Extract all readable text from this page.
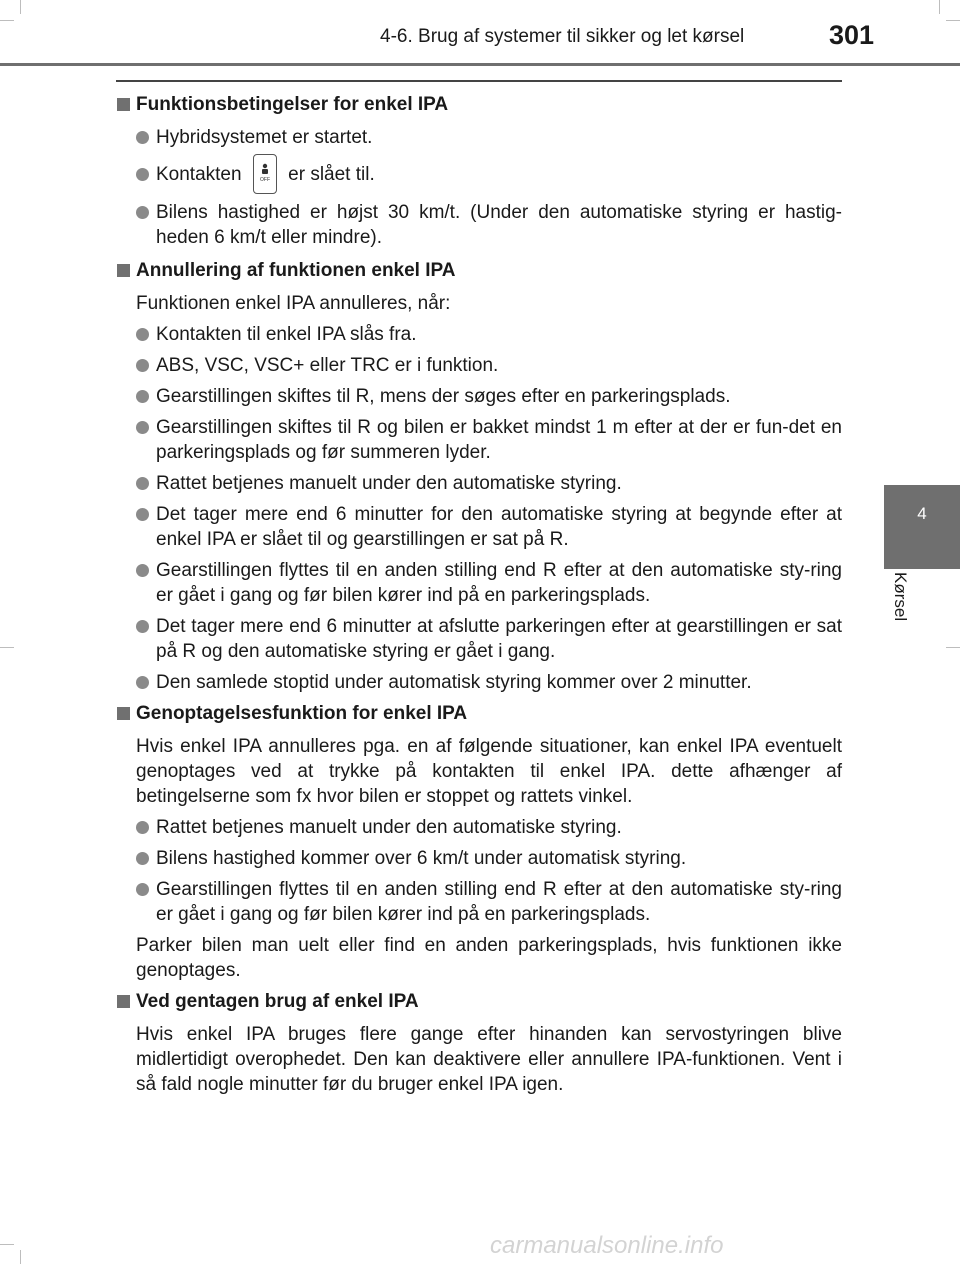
4-6. Brug af systemer til sikker og let kørsel	301
4
Kørsel
Funktionsbetingelser for enkel IPA
Hybridsystemet er startet.
Kontakten	OFF er slået til.
Bilens hastighed er højst 30 km/t. (Under den automatiske styring er hastig-heden 6 km/t eller mindre).
Annullering af funktionen enkel IPA
Funktionen enkel IPA annulleres, når:
Kontakten til enkel IPA slås fra.
ABS, VSC, VSC+ eller TRC er i funktion.
Gearstillingen skiftes til R, mens der søges efter en parkeringsplads.
Gearstillingen skiftes til R og bilen er bakket mindst 1 m efter at der er fun-det en parkeringsplads og før summeren lyder.
Rattet betjenes manuelt under den automatiske styring.
Det tager mere end 6 minutter for den automatiske styring at begynde efter at enkel IPA er slået til og gearstillingen er sat på R.
Gearstillingen flyttes til en anden stilling end R efter at den automatiske sty-ring er gået i gang og før bilen kører ind på en parkeringsplads.
Det tager mere end 6 minutter at afslutte parkeringen efter at gearstillingen er sat på R og den automatiske styring er gået i gang.
Den samlede stoptid under automatisk styring kommer over 2 minutter.
Genoptagelsesfunktion for enkel IPA
Hvis enkel IPA annulleres pga. en af følgende situationer, kan enkel IPA eventuelt genoptages ved at trykke på kontakten til enkel IPA. dette afhænger af betingelserne som fx hvor bilen er stoppet og rattets vinkel.
Rattet betjenes manuelt under den automatiske styring.
Bilens hastighed kommer over 6 km/t under automatisk styring.
Gearstillingen flyttes til en anden stilling end R efter at den automatiske sty-ring er gået i gang og før bilen kører ind på en parkeringsplads.
Parker bilen man uelt eller find en anden parkeringsplads, hvis funktionen ikke genoptages.
Ved gentagen brug af enkel IPA
Hvis enkel IPA bruges flere gange efter hinanden kan servostyringen blive midlertidigt overophedet. Den kan deaktivere eller annullere IPA-funktionen. Vent i så fald nogle minutter før du bruger enkel IPA igen.
carmanualsonline.info
